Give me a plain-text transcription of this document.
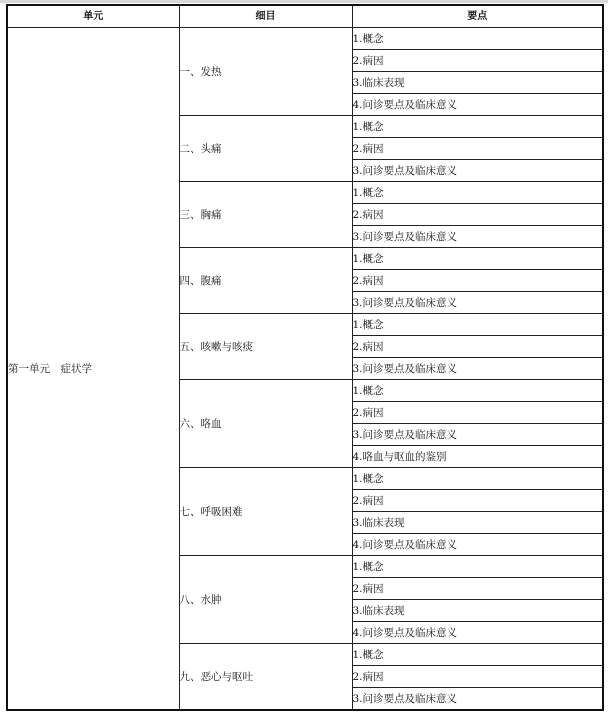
单元	细目	要点
第一单元　症状学	一、发热	1.概念
		2.病因
		3.临床表现
		4.问诊要点及临床意义
	二、头痛	1.概念
		2.病因
		3.问诊要点及临床意义
	三、胸痛	1.概念
		2.病因
		3.问诊要点及临床意义
	四、腹痛	1.概念
		2.病因
		3.问诊要点及临床意义
	五、咳嗽与咳痰	1.概念
		2.病因
		3.问诊要点及临床意义
	六、咯血	1.概念
		2.病因
		3.问诊要点及临床意义
		4.咯血与呕血的鉴别
	七、呼吸困难	1.概念
		2.病因
		3.临床表现
		4.问诊要点及临床意义
	八、水肿	1.概念
		2.病因
		3.临床表现
		4.问诊要点及临床意义
	九、恶心与呕吐	1.概念
		2.病因
		3.问诊要点及临床意义
